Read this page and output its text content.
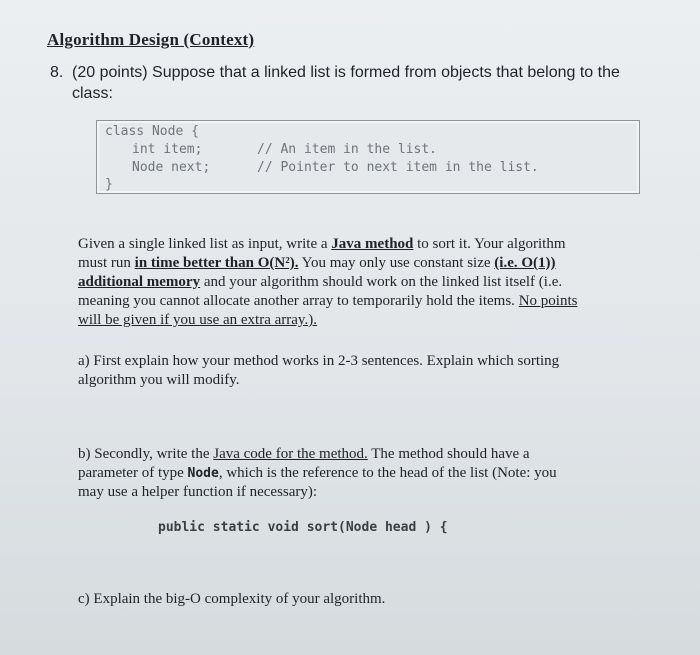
Algorithm Design (Context)
8. (20 points) Suppose that a linked list is formed from objects that belong to the
class:
class Node {
int item;	// An item in the list.
Node next;	// Pointer to next item in the list.
}
Given a single linked list as input, write a Java method to sort it. Your algorithm
must run in time better than O(N²). You may only use constant size (i.e. O(1))
additional memory and your algorithm should work on the linked list itself (i.e.
meaning you cannot allocate another array to temporarily hold the items. No points
will be given if you use an extra array.).
a) First explain how your method works in 2-3 sentences. Explain which sorting
algorithm you will modify.
b) Secondly, write the Java code for the method. The method should have a
parameter of type Node, which is the reference to the head of the list (Note: you
may use a helper function if necessary):
public static void sort(Node head ) {
c) Explain the big-O complexity of your algorithm.
